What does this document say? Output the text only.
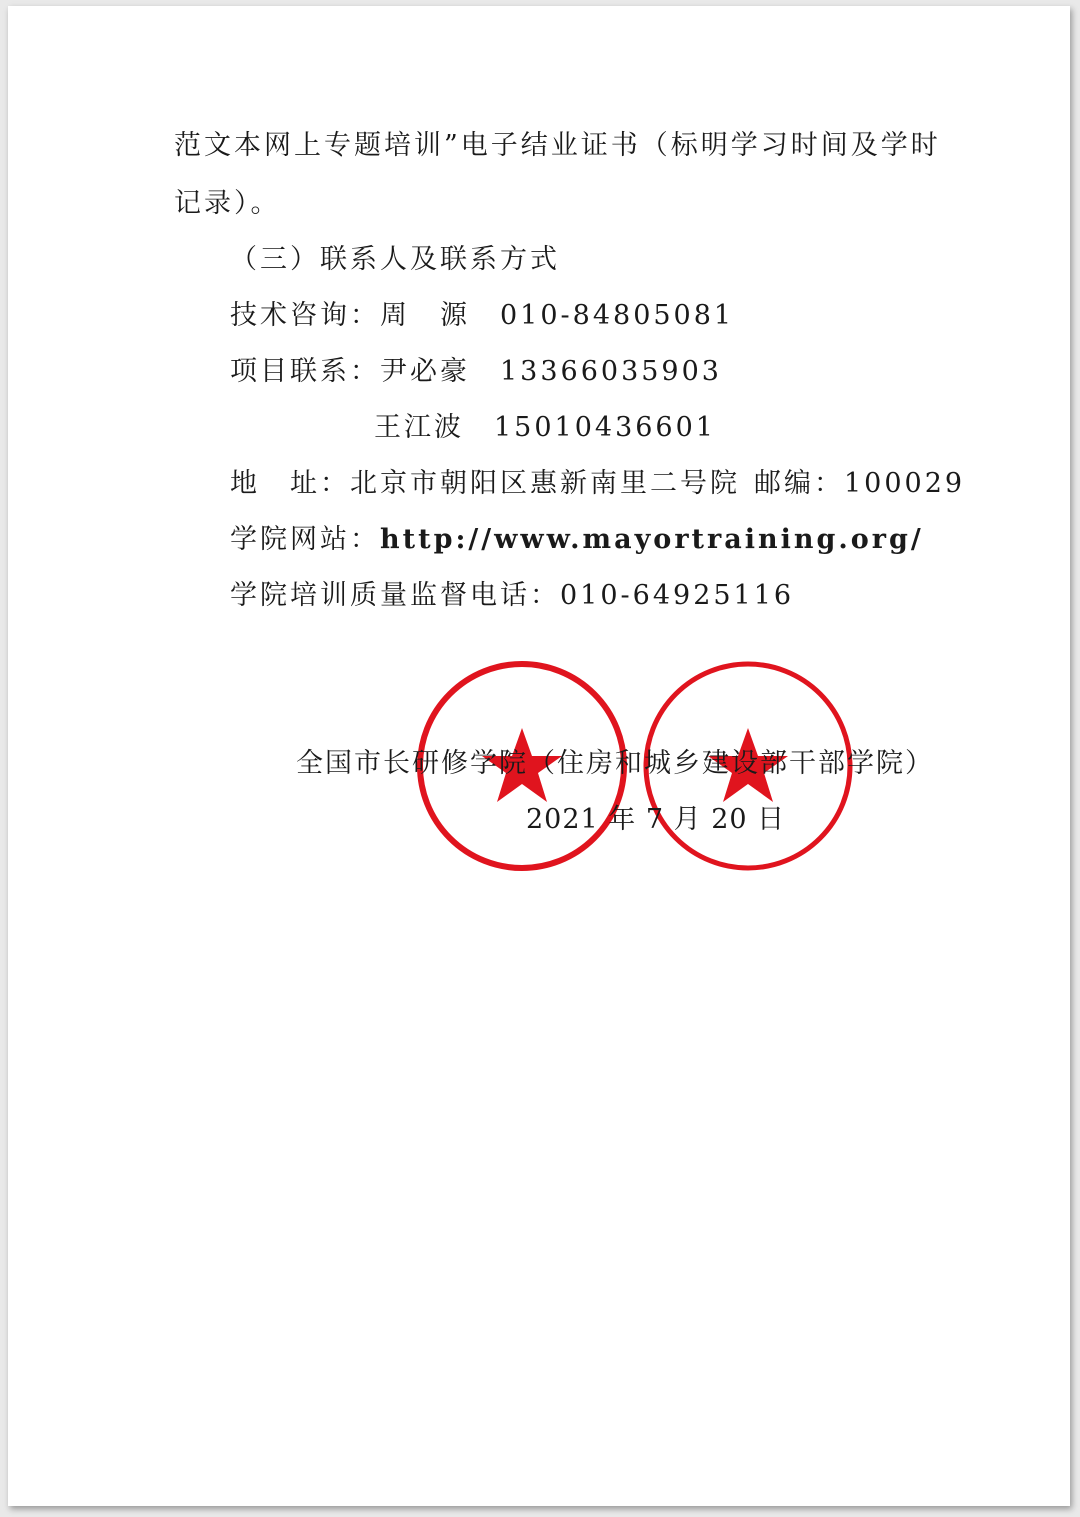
范文本网上专题培训”电子结业证书（标明学习时间及学时
记录）。
（三）联系人及联系方式
技术咨询：周　源 010-84805081
项目联系：尹必豪 13366035903
王江波 15010436601
地　址：北京市朝阳区惠新南里二号院 邮编：100029
学院网站：http://www.mayortraining.org/
学院培训质量监督电话：010-64925116
全国市长研修学院（住房和城乡建设部干部学院）
2021 年 7 月 20 日
